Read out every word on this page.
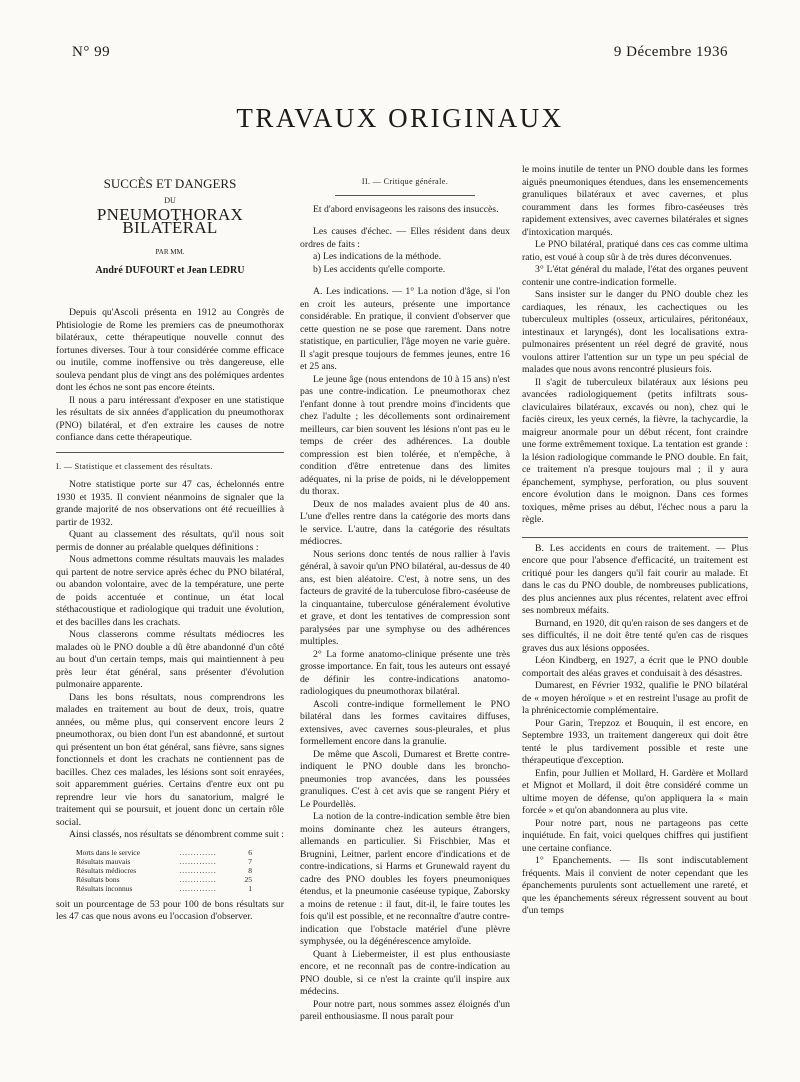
N° 99	9 Décembre 1936
TRAVAUX ORIGINAUX
SUCCÈS ET DANGERS
DU
PNEUMOTHORAX BILATÉRAL
PAR MM.
André DUFOURT et Jean LEDRU

Depuis qu'Ascoli présenta en 1912 au Congrès de Phtisiologie de Rome les premiers cas de pneumothorax bilatéraux, cette thérapeutique nouvelle connut des fortunes diverses. Tour à tour considérée comme efficace ou inutile, comme inoffensive ou très dangereuse, elle souleva pendant plus de vingt ans des polémiques ardentes dont les échos ne sont pas encore éteints.

Il nous a paru intéressant d'exposer en une statistique les résultats de six années d'application du pneumothorax (PNO) bilatéral, et d'en extraire les causes de notre confiance dans cette thérapeutique.

I. — Statistique et classement des résultats.

Notre statistique porte sur 47 cas, échelonnés entre 1930 et 1935. Il convient néanmoins de signaler que la grande majorité de nos observations ont été recueillies à partir de 1932.

Quant au classement des résultats, qu'il nous soit permis de donner au préalable quelques définitions :

Nous admettons comme résultats mauvais les malades qui partent de notre service après échec du PNO bilatéral, ou abandon volontaire, avec de la température, une perte de poids accentuée et continue, un état local stéthacoustique et radiologique qui traduit une évolution, et des bacilles dans les crachats.

Nous classerons comme résultats médiocres les malades où le PNO double a dû être abandonné d'un côté au bout d'un certain temps, mais qui maintiennent à peu près leur état général, sans présenter d'évolution pulmonaire apparente.

Dans les bons résultats, nous comprendrons les malades en traitement au bout de deux, trois, quatre années, ou même plus, qui conservent encore leurs 2 pneumothorax, ou bien dont l'un est abandonné, et surtout qui présentent un bon état général, sans fièvre, sans signes fonctionnels et dont les crachats ne contiennent pas de bacilles. Chez ces malades, les lésions sont soit enrayées, soit apparemment guéries. Certains d'entre eux ont pu reprendre leur vie hors du sanatorium, malgré le traitement qui se poursuit, et jouent donc un certain rôle social.

Ainsi classés, nos résultats se dénombrent comme suit :

Morts dans le service	.............	6
Résultats mauvais	.............	7
Résultats médiocres	.............	8
Résultats bons	.............	25
Résultats inconnus	.............	1

soit un pourcentage de 53 pour 100 de bons résultats sur les 47 cas que nous avons eu l'occasion d'observer.

II. — Critique générale.

Et d'abord envisageons les raisons des insuccès.

Les causes d'échec. — Elles résident dans deux ordres de faits :

a) Les indications de la méthode.

b) Les accidents qu'elle comporte.

A. Les indications. — 1° La notion d'âge, si l'on en croit les auteurs, présente une importance considérable. En pratique, il convient d'observer que cette question ne se pose que rarement. Dans notre statistique, en particulier, l'âge moyen ne varie guère. Il s'agit presque toujours de femmes jeunes, entre 16 et 25 ans.

Le jeune âge (nous entendons de 10 à 15 ans) n'est pas une contre-indication. Le pneumothorax chez l'enfant donne à tout prendre moins d'incidents que chez l'adulte ; les décollements sont ordinairement meilleurs, car bien souvent les lésions n'ont pas eu le temps de créer des adhérences. La double compression est bien tolérée, et n'empêche, à condition d'être entretenue dans des limites adéquates, ni la prise de poids, ni le développement du thorax.

Deux de nos malades avaient plus de 40 ans. L'une d'elles rentre dans la catégorie des morts dans le service. L'autre, dans la catégorie des résultats médiocres.

Nous serions donc tentés de nous rallier à l'avis général, à savoir qu'un PNO bilatéral, au-dessus de 40 ans, est bien aléatoire. C'est, à notre sens, un des facteurs de gravité de la tuberculose fibro-caséeuse de la cinquantaine, tuberculose généralement évolutive et grave, et dont les tentatives de compression sont paralysées par une symphyse ou des adhérences multiples.

2° La forme anatomo-clinique présente une très grosse importance. En fait, tous les auteurs ont essayé de définir les contre-indications anatomo-radiologiques du pneumothorax bilatéral.

Ascoli contre-indique formellement le PNO bilatéral dans les formes cavitaires diffuses, extensives, avec cavernes sous-pleurales, et plus formellement encore dans la granulie.

De même que Ascoli, Dumarest et Brette contre-indiquent le PNO double dans les broncho-pneumonies trop avancées, dans les poussées granuliques. C'est à cet avis que se rangent Piéry et Le Pourdellès.

La notion de la contre-indication semble être bien moins dominante chez les auteurs étrangers, allemands en particulier. Si Frischbier, Mas et Brugnini, Leitner, parlent encore d'indications et de contre-indications, si Harms et Grunewald rayent du cadre des PNO doubles les foyers pneumoniques étendus, et la pneumonie caséeuse typique, Zaborsky a moins de retenue : il faut, dit-il, le faire toutes les fois qu'il est possible, et ne reconnaître d'autre contre-indication que l'obstacle matériel d'une plèvre symphysée, ou la dégénérescence amyloïde.

Quant à Liebermeister, il est plus enthousiaste encore, et ne reconnaît pas de contre-indication au PNO double, si ce n'est la crainte qu'il inspire aux médecins.

Pour notre part, nous sommes assez éloignés d'un pareil enthousiasme. Il nous paraît pour

le moins inutile de tenter un PNO double dans les formes aiguës pneumoniques étendues, dans les ensemencements granuliques bilatéraux et avec cavernes, et plus couramment dans les formes fibro-caséeuses très rapidement extensives, avec cavernes bilatérales et signes d'intoxication marqués.

Le PNO bilatéral, pratiqué dans ces cas comme ultima ratio, est voué à coup sûr à de très dures déconvenues.

3° L'état général du malade, l'état des organes peuvent contenir une contre-indication formelle.

Sans insister sur le danger du PNO double chez les cardiaques, les rénaux, les cachectiques ou les tuberculeux multiples (osseux, articulaires, péritonéaux, intestinaux et laryngés), dont les localisations extra-pulmonaires présentent un réel degré de gravité, nous voulons attirer l'attention sur un type un peu spécial de malades que nous avons rencontré plusieurs fois.

Il s'agit de tuberculeux bilatéraux aux lésions peu avancées radiologiquement (petits infiltrats sous-claviculaires bilatéraux, excavés ou non), chez qui le faciès cireux, les yeux cernés, la fièvre, la tachycardie, la maigreur anormale pour un début récent, font craindre une forme extrêmement toxique. La tentation est grande : la lésion radiologique commande le PNO double. En fait, ce traitement n'a presque toujours mal ; il y aura épanchement, symphyse, perforation, ou plus souvent encore évolution dans le moignon. Dans ces formes toxiques, même prises au début, l'échec nous a paru la règle.

B. Les accidents en cours de traitement. — Plus encore que pour l'absence d'efficacité, un traitement est critiqué pour les dangers qu'il fait courir au malade. Et dans le cas du PNO double, de nombreuses publications, des plus anciennes aux plus récentes, relatent avec effroi ses nombreux méfaits.

Burnand, en 1920, dit qu'en raison de ses dangers et de ses difficultés, il ne doit être tenté qu'en cas de risques graves dus aux lésions opposées.

Léon Kindberg, en 1927, a écrit que le PNO double comportait des aléas graves et conduisait à des désastres.

Dumarest, en Février 1932, qualifie le PNO bilatéral de « moyen héroïque » et en restreint l'usage au profit de la phrénicectomie complémentaire.

Pour Garin, Trepzoz et Bouquin, il est encore, en Septembre 1933, un traitement dangereux qui doit être tenté le plus tardivement possible et reste une thérapeutique d'exception.

Enfin, pour Jullien et Mollard, H. Gardère et Mollard et Mignot et Mollard, il doit être considéré comme un ultime moyen de défense, qu'on appliquera la « main forcée » et qu'on abandonnera au plus vite.

Pour notre part, nous ne partageons pas cette inquiétude. En fait, voici quelques chiffres qui justifient une certaine confiance.

1° Epanchements. — Ils sont indiscutablement fréquents. Mais il convient de noter cependant que les épanchements purulents sont actuellement une rareté, et que les épanchements séreux régressent souvent au bout d'un temps
